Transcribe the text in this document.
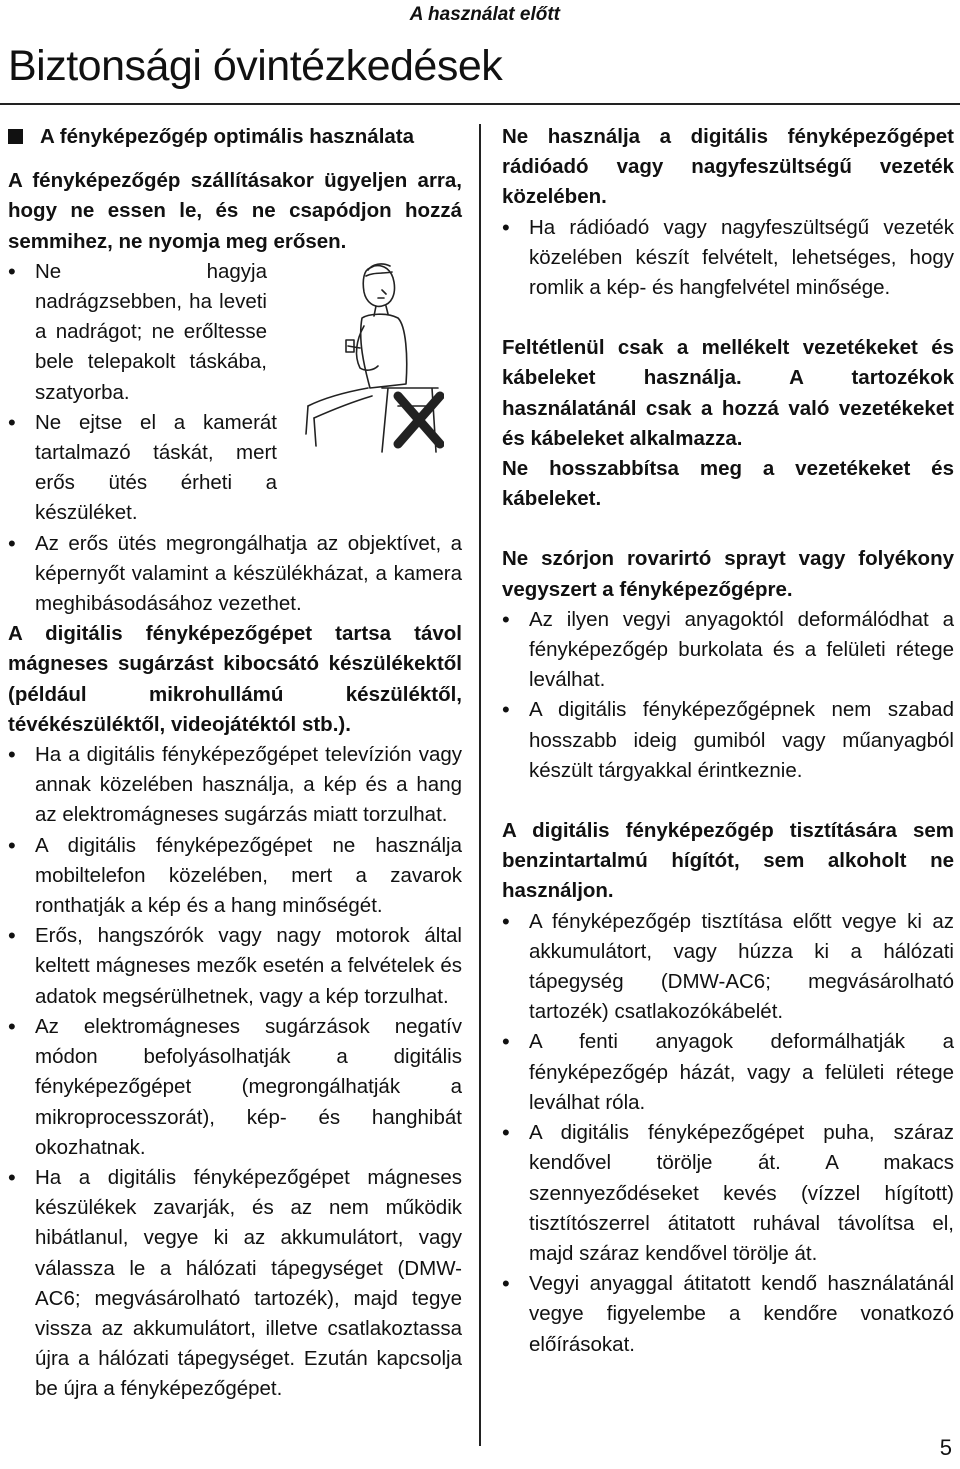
A használat előtt
Biztonsági óvintézkedések

A fényképezőgép optimális használata

A fényképezőgép szállításakor ügyeljen arra, hogy ne essen le, és ne csapódjon hozzá semmihez, ne nyomja meg erősen.

• Ne hagyja nadrágzsebben, ha leveti a nadrágot; ne erőltesse bele telepakolt táskába, szatyorba.
• Ne ejtse el a kamerát tartalmazó táskát, mert erős ütés érheti a készüléket.
• Az erős ütés megrongálhatja az objektívet, a képernyőt valamint a készülékházat, a kamera meghibásodásához vezethet.

A digitális fényképezőgépet tartsa távol mágneses sugárzást kibocsátó készülékektől (például mikrohullámú készüléktől, tévékészüléktől, videojátéktól stb.).

• Ha a digitális fényképezőgépet televízión vagy annak közelében használja, a kép és a hang az elektromágneses sugárzás miatt torzulhat.
• A digitális fényképezőgépet ne használja mobiltelefon közelében, mert a zavarok ronthatják a kép és a hang minőségét.
• Erős, hangszórók vagy nagy motorok által keltett mágneses mezők esetén a felvételek és adatok megsérülhetnek, vagy a kép torzulhat.
• Az elektromágneses sugárzások negatív módon befolyásolhatják a digitális fényképezőgépet (megrongálhatják a mikroprocesszorát), kép- és hanghibát okozhatnak.
• Ha a digitális fényképezőgépet mágneses készülékek zavarják, és az nem működik hibátlanul, vegye ki az akkumulátort, vagy válassza le a hálózati tápegységet (DMW-AC6; megvásárolható tartozék), majd tegye vissza az akkumulátort, illetve csatlakoztassa újra a hálózati tápegységet. Ezután kapcsolja be újra a fényképezőgépet.

Ne használja a digitális fényképezőgépet rádióadó vagy nagyfeszültségű vezeték közelében.

• Ha rádióadó vagy nagyfeszültségű vezeték közelében készít felvételt, lehetséges, hogy romlik a kép- és hangfelvétel minősége.

Feltétlenül csak a mellékelt vezetékeket és kábeleket használja. A tartozékok használatánál csak a hozzá való vezetékeket és kábeleket alkalmazza.

Ne hosszabbítsa meg a vezetékeket és kábeleket.

Ne szórjon rovarirtó sprayt vagy folyékony vegyszert a fényképezőgépre.

• Az ilyen vegyi anyagoktól deformálódhat a fényképezőgép burkolata és a felületi rétege leválhat.
• A digitális fényképezőgépnek nem szabad hosszabb ideig gumiból vagy műanyagból készült tárgyakkal érintkeznie.

A digitális fényképezőgép tisztítására sem benzintartalmú hígítót, sem alkoholt ne használjon.

• A fényképezőgép tisztítása előtt vegye ki az akkumulátort, vagy húzza ki a hálózati tápegység (DMW-AC6; megvásárolható tartozék) csatlakozókábelét.
• A fenti anyagok deformálhatják a fényképezőgép házát, vagy a felületi rétege leválhat róla.
• A digitális fényképezőgépet puha, száraz kendővel törölje át. A makacs szennyeződéseket kevés (vízzel hígított) tisztítószerrel átitatott ruhával távolítsa el, majd száraz kendővel törölje át.
• Vegyi anyaggal átitatott kendő használatánál vegye figyelembe a kendőre vonatkozó előírásokat.
5
